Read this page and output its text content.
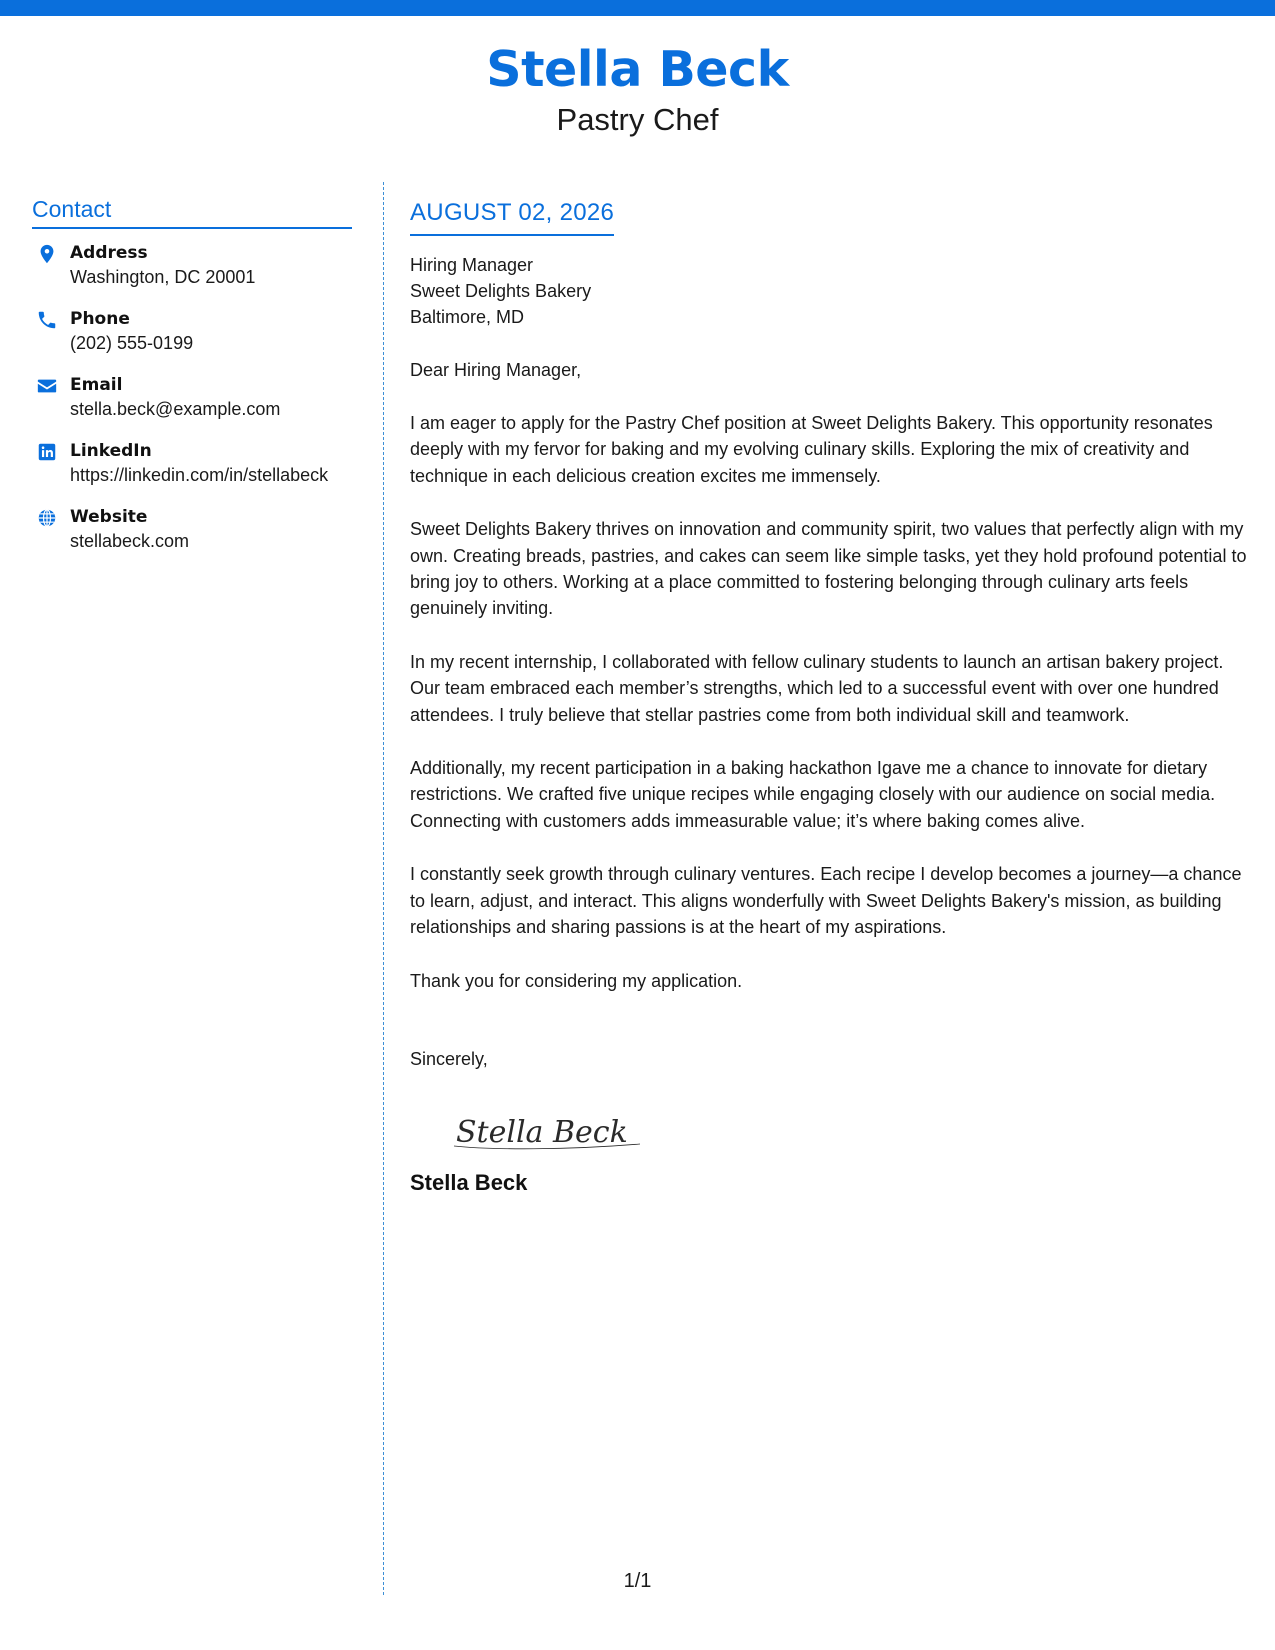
Stella Beck
Pastry Chef
Contact
Address
Washington, DC 20001
Phone
(202) 555-0199
Email
stella.beck@example.com
LinkedIn
https://linkedin.com/in/stellabeck
Website
stellabeck.com
AUGUST 02, 2026
Hiring Manager
Sweet Delights Bakery
Baltimore, MD
Dear Hiring Manager,
I am eager to apply for the Pastry Chef position at Sweet Delights Bakery. This opportunity resonates deeply with my fervor for baking and my evolving culinary skills. Exploring the mix of creativity and technique in each delicious creation excites me immensely.
Sweet Delights Bakery thrives on innovation and community spirit, two values that perfectly align with my own. Creating breads, pastries, and cakes can seem like simple tasks, yet they hold profound potential to bring joy to others. Working at a place committed to fostering belonging through culinary arts feels genuinely inviting.
In my recent internship, I collaborated with fellow culinary students to launch an artisan bakery project. Our team embraced each member’s strengths, which led to a successful event with over one hundred attendees. I truly believe that stellar pastries come from both individual skill and teamwork.
Additionally, my recent participation in a baking hackathon Igave me a chance to innovate for dietary restrictions. We crafted five unique recipes while engaging closely with our audience on social media. Connecting with customers adds immeasurable value; it’s where baking comes alive.
I constantly seek growth through culinary ventures. Each recipe I develop becomes a journey—a chance to learn, adjust, and interact. This aligns wonderfully with Sweet Delights Bakery's mission, as building relationships and sharing passions is at the heart of my aspirations.
Thank you for considering my application.
Sincerely,
Stella Beck
Stella Beck
1/1
